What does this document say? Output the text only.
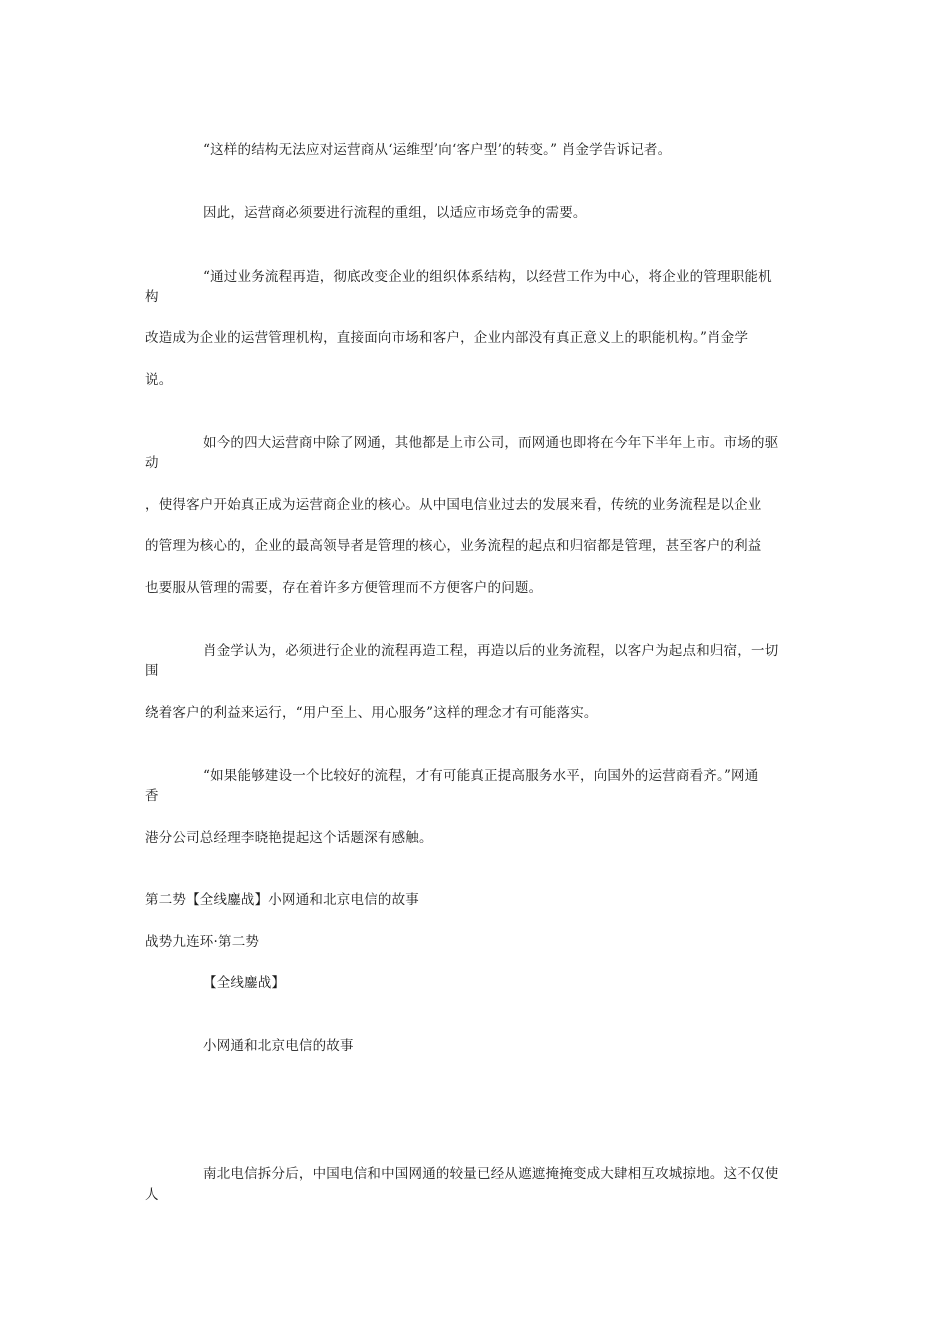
“这样的结构无法应对运营商从‘运维型’向‘客户型’的转变。” 肖金学告诉记者。
因此，运营商必须要进行流程的重组，以适应市场竞争的需要。
“通过业务流程再造，彻底改变企业的组织体系结构，以经营工作为中心，将企业的管理职能机
构
改造成为企业的运营管理机构，直接面向市场和客户，企业内部没有真正意义上的职能机构。”肖金学
说。
如今的四大运营商中除了网通，其他都是上市公司，而网通也即将在今年下半年上市。市场的驱
动
，使得客户开始真正成为运营商企业的核心。从中国电信业过去的发展来看，传统的业务流程是以企业
的管理为核心的，企业的最高领导者是管理的核心，业务流程的起点和归宿都是管理，甚至客户的利益
也要服从管理的需要，存在着许多方便管理而不方便客户的问题。
肖金学认为，必须进行企业的流程再造工程，再造以后的业务流程，以客户为起点和归宿，一切
围
绕着客户的利益来运行，“用户至上、用心服务”这样的理念才有可能落实。
“如果能够建设一个比较好的流程，才有可能真正提高服务水平，向国外的运营商看齐。”网通
香
港分公司总经理李晓艳提起这个话题深有感触。
第二势【全线鏖战】小网通和北京电信的故事
战势九连环·第二势
【全线鏖战】
小网通和北京电信的故事
南北电信拆分后，中国电信和中国网通的较量已经从遮遮掩掩变成大肆相互攻城掠地。这不仅使
人
